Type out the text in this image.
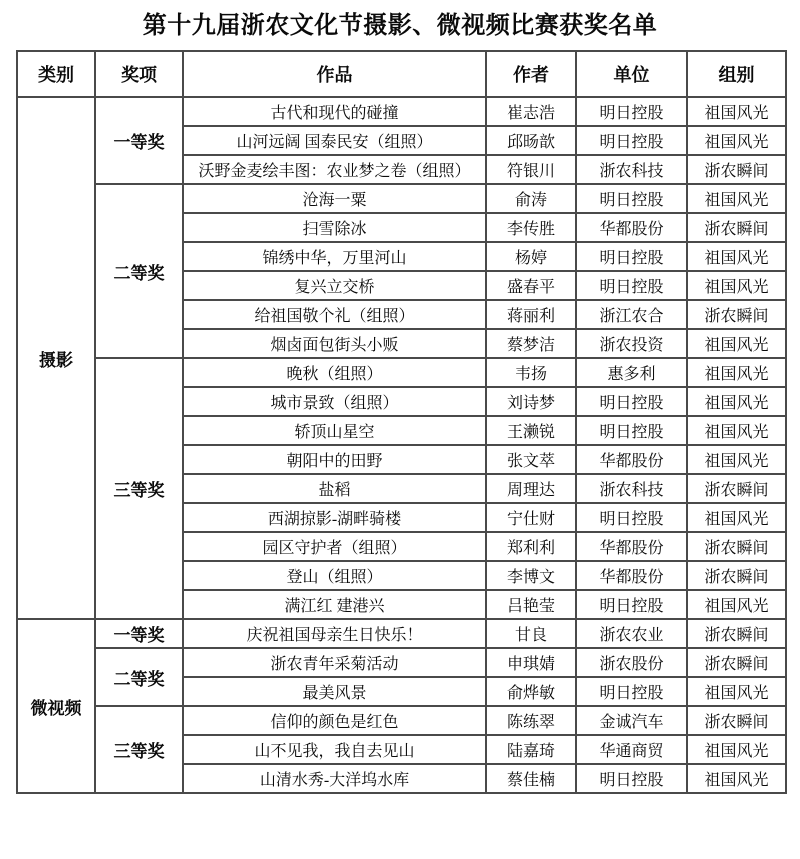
第十九届浙农文化节摄影、微视频比赛获奖名单
类别	奖项	作品	作者	单位	组别
摄影	一等奖	古代和现代的碰撞	崔志浩	明日控股	祖国风光
		山河远阔 国泰民安（组照）	邱旸歆	明日控股	祖国风光
		沃野金麦绘丰图：农业梦之卷（组照）	符银川	浙农科技	浙农瞬间
	二等奖	沧海一粟	俞涛	明日控股	祖国风光
		扫雪除冰	李传胜	华都股份	浙农瞬间
		锦绣中华，万里河山	杨婷	明日控股	祖国风光
		复兴立交桥	盛春平	明日控股	祖国风光
		给祖国敬个礼（组照）	蒋丽利	浙江农合	浙农瞬间
		烟卤面包街头小贩	蔡梦洁	浙农投资	祖国风光
	三等奖	晚秋（组照）	韦扬	惠多利	祖国风光
		城市景致（组照）	刘诗梦	明日控股	祖国风光
		轿顶山星空	王濑锐	明日控股	祖国风光
		朝阳中的田野	张文萃	华都股份	祖国风光
		盐稻	周理达	浙农科技	浙农瞬间
		西湖掠影-湖畔骑楼	宁仕财	明日控股	祖国风光
		园区守护者（组照）	郑利利	华都股份	浙农瞬间
		登山（组照）	李博文	华都股份	浙农瞬间
		满江红 建港兴	吕艳莹	明日控股	祖国风光
微视频	一等奖	庆祝祖国母亲生日快乐！	甘良	浙农农业	浙农瞬间
	二等奖	浙农青年采菊活动	申琪婧	浙农股份	浙农瞬间
		最美风景	俞烨敏	明日控股	祖国风光
	三等奖	信仰的颜色是红色	陈练翠	金诚汽车	浙农瞬间
		山不见我，我自去见山	陆嘉琦	华通商贸	祖国风光
		山清水秀-大洋坞水库	蔡佳楠	明日控股	祖国风光
